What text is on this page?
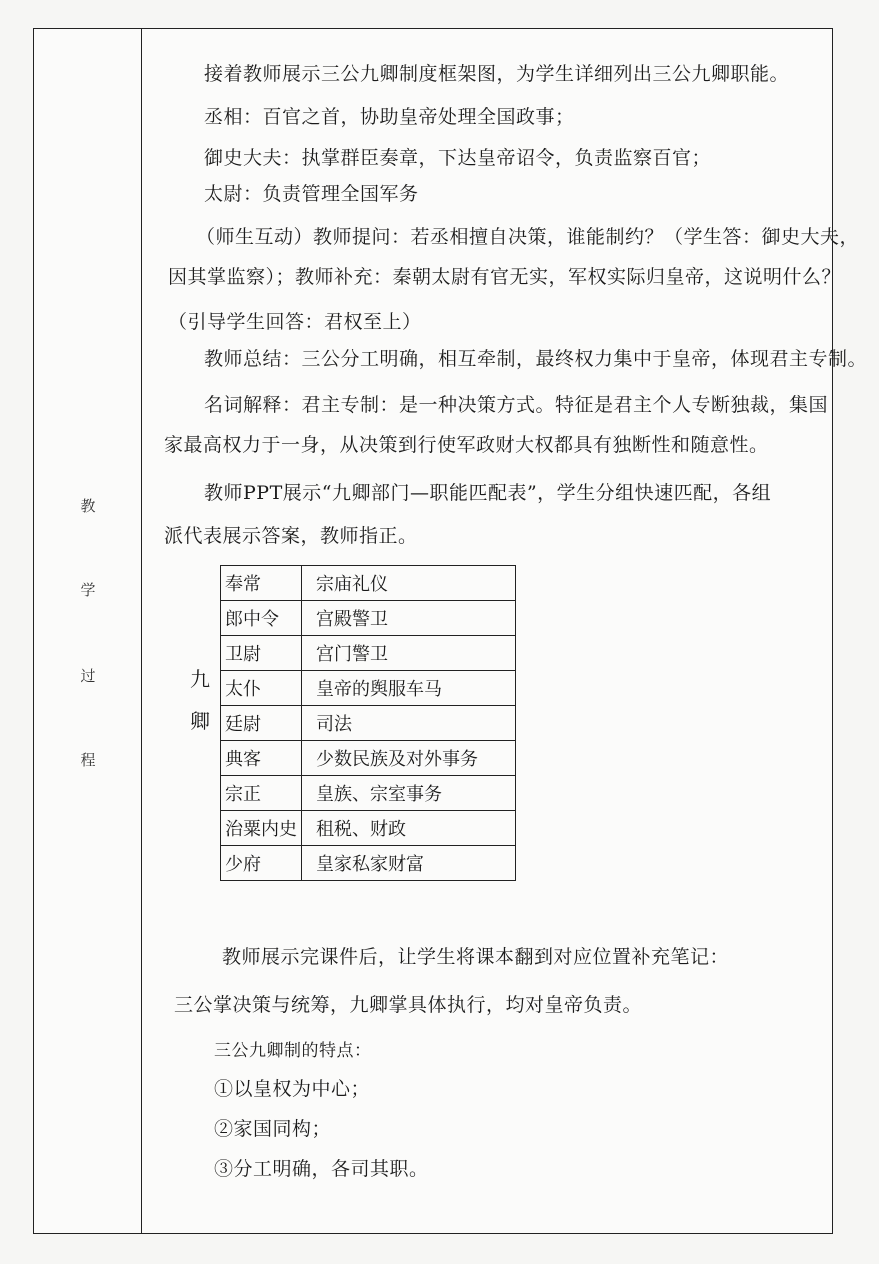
教
学
过
程
接着教师展示三公九卿制度框架图，为学生详细列出三公九卿职能。
丞相：百官之首，协助皇帝处理全国政事；
御史大夫：执掌群臣奏章，下达皇帝诏令，负责监察百官；
太尉：负责管理全国军务
（师生互动）教师提问：若丞相擅自决策，谁能制约？（学生答：御史大夫，
因其掌监察）；教师补充：秦朝太尉有官无实，军权实际归皇帝，这说明什么？
（引导学生回答：君权至上）
教师总结：三公分工明确，相互牵制，最终权力集中于皇帝，体现君主专制。
名词解释：君主专制：是一种决策方式。特征是君主个人专断独裁，集国
家最高权力于一身，从决策到行使军政财大权都具有独断性和随意性。
教师PPT展示“九卿部门—职能匹配表”，学生分组快速匹配，各组
派代表展示答案，教师指正。
九
卿
奉常	宗庙礼仪
郎中令	宫殿警卫
卫尉	宫门警卫
太仆	皇帝的舆服车马
廷尉	司法
典客	少数民族及对外事务
宗正	皇族、宗室事务
治粟内史	租税、财政
少府	皇家私家财富
教师展示完课件后，让学生将课本翻到对应位置补充笔记：
三公掌决策与统筹，九卿掌具体执行，均对皇帝负责。
三公九卿制的特点：
①以皇权为中心；
②家国同构；
③分工明确，各司其职。
